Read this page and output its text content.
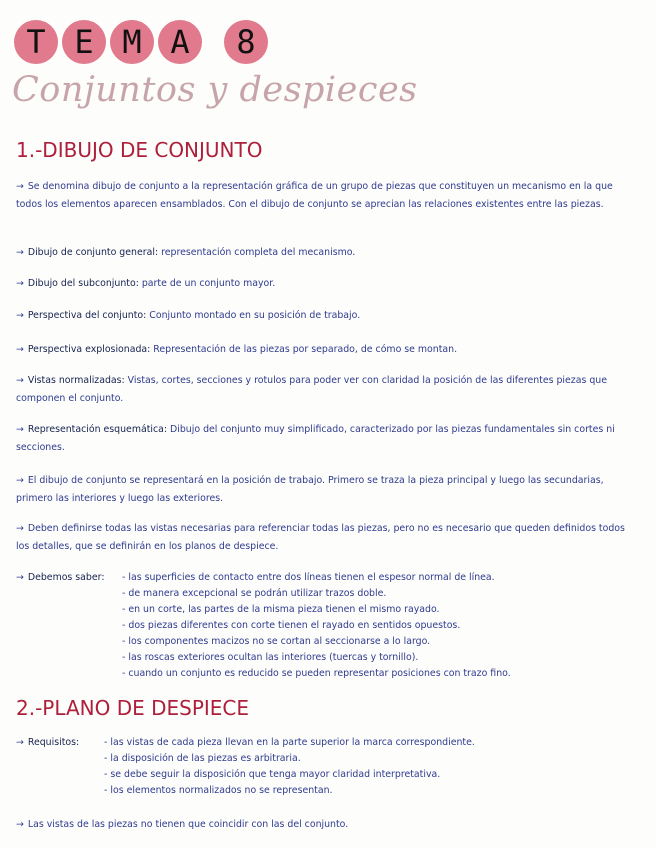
T E M A	8
Conjuntos y despieces
1.-DIBUJO DE CONJUNTO
→ Se denomina dibujo de conjunto a la representación gráfica de un grupo de piezas que constituyen un mecanismo en la que todos los elementos aparecen ensamblados. Con el dibujo de conjunto se aprecian las relaciones existentes entre las piezas.
→ Dibujo de conjunto general: representación completa del mecanismo.
→ Dibujo del subconjunto: parte de un conjunto mayor.
→ Perspectiva del conjunto: Conjunto montado en su posición de trabajo.
→ Perspectiva explosionada: Representación de las piezas por separado, de cómo se montan.
→ Vistas normalizadas: Vistas, cortes, secciones y rotulos para poder ver con claridad la posición de las diferentes piezas que componen el conjunto.
→ Representación esquemática: Dibujo del conjunto muy simplificado, caracterizado por las piezas fundamentales sin cortes ni secciones.
→ El dibujo de conjunto se representará en la posición de trabajo. Primero se traza la pieza principal y luego las secundarias, primero las interiores y luego las exteriores.
→ Deben definirse todas las vistas necesarias para referenciar todas las piezas, pero no es necesario que queden definidos todos los detalles, que se definirán en los planos de despiece.
→ Debemos saber:	- las superficies de contacto entre dos líneas tienen el espesor normal de línea.
- de manera excepcional se podrán utilizar trazos doble.
- en un corte, las partes de la misma pieza tienen el mismo rayado.
- dos piezas diferentes con corte tienen el rayado en sentidos opuestos.
- los componentes macizos no se cortan al seccionarse a lo largo.
- las roscas exteriores ocultan las interiores (tuercas y tornillo).
- cuando un conjunto es reducido se pueden representar posiciones con trazo fino.
2.-PLANO DE DESPIECE
→ Requisitos:	- las vistas de cada pieza llevan en la parte superior la marca correspondiente.
- la disposición de las piezas es arbitraria.
- se debe seguir la disposición que tenga mayor claridad interpretativa.
- los elementos normalizados no se representan.
→ Las vistas de las piezas no tienen que coincidir con las del conjunto.
